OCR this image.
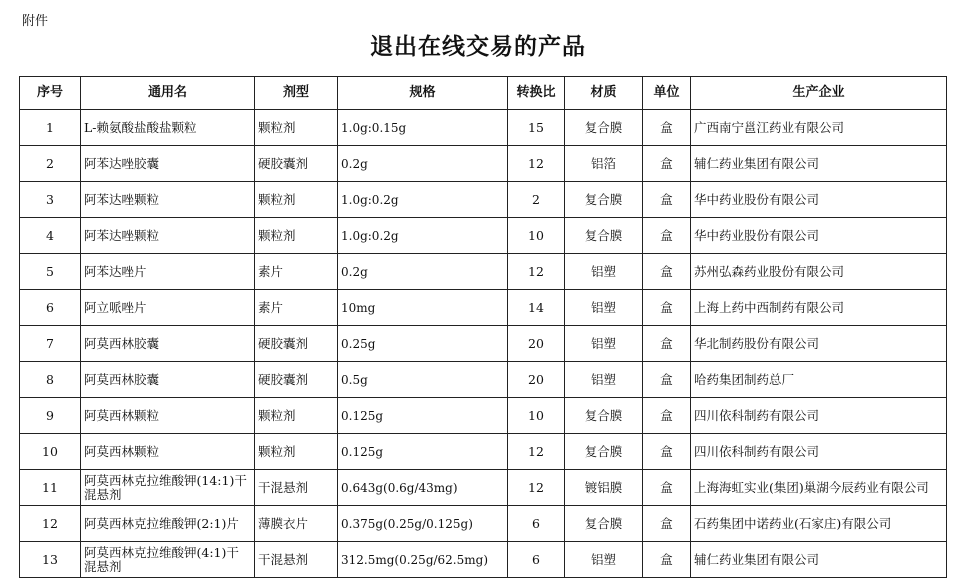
附件
退出在线交易的产品
序号	通用名	剂型	规格	转换比	材质	单位	生产企业
1	L-赖氨酸盐酸盐颗粒	颗粒剂	1.0g:0.15g	15	复合膜	盒	广西南宁邕江药业有限公司
2	阿苯达唑胶囊	硬胶囊剂	0.2g	12	铝箔	盒	辅仁药业集团有限公司
3	阿苯达唑颗粒	颗粒剂	1.0g:0.2g	2	复合膜	盒	华中药业股份有限公司
4	阿苯达唑颗粒	颗粒剂	1.0g:0.2g	10	复合膜	盒	华中药业股份有限公司
5	阿苯达唑片	素片	0.2g	12	铝塑	盒	苏州弘森药业股份有限公司
6	阿立哌唑片	素片	10mg	14	铝塑	盒	上海上药中西制药有限公司
7	阿莫西林胶囊	硬胶囊剂	0.25g	20	铝塑	盒	华北制药股份有限公司
8	阿莫西林胶囊	硬胶囊剂	0.5g	20	铝塑	盒	哈药集团制药总厂
9	阿莫西林颗粒	颗粒剂	0.125g	10	复合膜	盒	四川依科制药有限公司
10	阿莫西林颗粒	颗粒剂	0.125g	12	复合膜	盒	四川依科制药有限公司
11	阿莫西林克拉维酸钾(14:1)干混悬剂	干混悬剂	0.643g(0.6g/43mg)	12	镀铝膜	盒	上海海虹实业(集团)巢湖今辰药业有限公司
12	阿莫西林克拉维酸钾(2:1)片	薄膜衣片	0.375g(0.25g/0.125g)	6	复合膜	盒	石药集团中诺药业(石家庄)有限公司
13	阿莫西林克拉维酸钾(4:1)干混悬剂	干混悬剂	312.5mg(0.25g/62.5mg)	6	铝塑	盒	辅仁药业集团有限公司
